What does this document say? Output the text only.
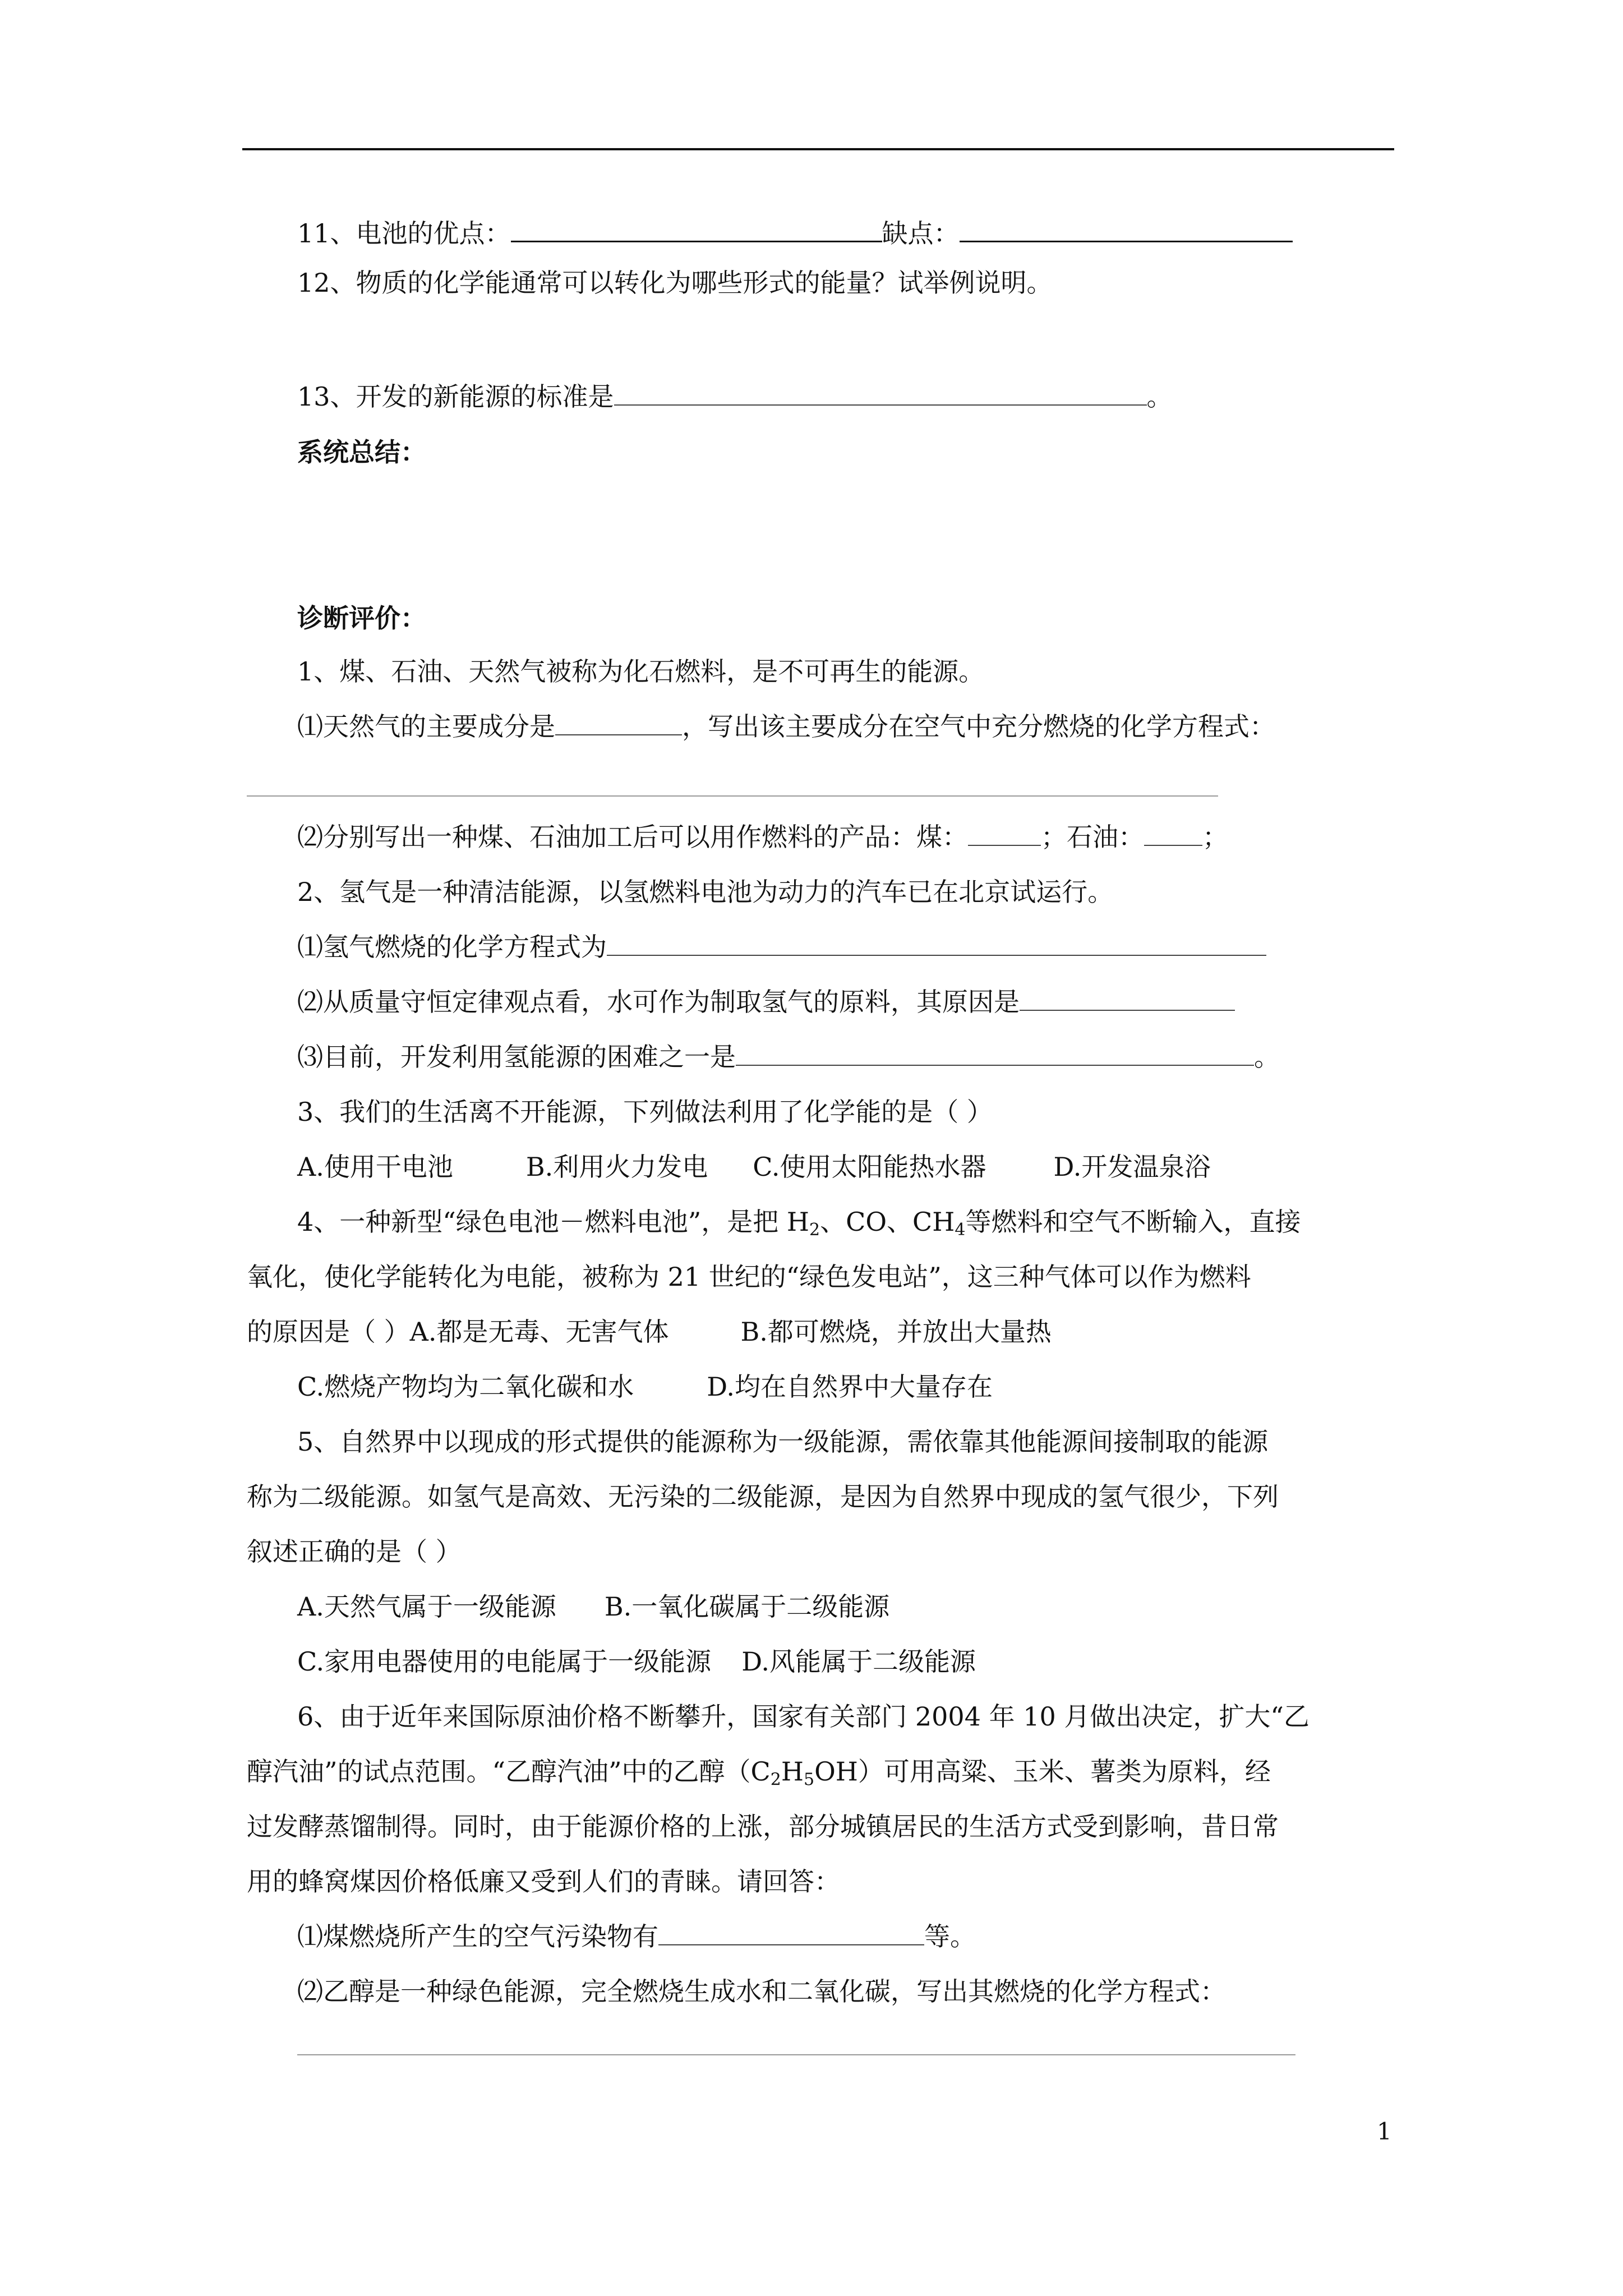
11、电池的优点：	缺点：
12、物质的化学能通常可以转化为哪些形式的能量？试举例说明。
13、开发的新能源的标准是	。
系统总结：
诊断评价：
1、煤、石油、天然气被称为化石燃料，是不可再生的能源。
⑴天然气的主要成分是	，写出该主要成分在空气中充分燃烧的化学方程式：
⑵分别写出一种煤、石油加工后可以用作燃料的产品：煤：	；石油： ；
2、氢气是一种清洁能源，以氢燃料电池为动力的汽车已在北京试运行。
⑴氢气燃烧的化学方程式为
⑵从质量守恒定律观点看，水可作为制取氢气的原料，其原因是
⑶目前，开发利用氢能源的困难之一是	。
3、我们的生活离不开能源，下列做法利用了化学能的是（ ）
A.使用干电池	B.利用火力发电 C.使用太阳能热水器	D.开发温泉浴
4、一种新型“绿色电池－燃料电池”，是把 $H_2$、CO、$CH_4$等燃料和空气不断输入，直接
氧化，使化学能转化为电能，被称为 21 世纪的“绿色发电站”，这三种气体可以作为燃料
的原因是（ ）A.都是无毒、无害气体	B.都可燃烧，并放出大量热
C.燃烧产物均为二氧化碳和水	D.均在自然界中大量存在
5、自然界中以现成的形式提供的能源称为一级能源，需依靠其他能源间接制取的能源
称为二级能源。如氢气是高效、无污染的二级能源，是因为自然界中现成的氢气很少，下列
叙述正确的是（ ）
A.天然气属于一级能源 B.一氧化碳属于二级能源
C.家用电器使用的电能属于一级能源 D.风能属于二级能源
6、由于近年来国际原油价格不断攀升，国家有关部门 2004 年 10 月做出决定，扩大“乙
醇汽油”的试点范围。“乙醇汽油”中的乙醇$(C_2H_5OH)$可用高粱、玉米、薯类为原料，经
过发酵蒸馏制得。同时，由于能源价格的上涨，部分城镇居民的生活方式受到影响，昔日常
用的蜂窝煤因价格低廉又受到人们的青睐。请回答：
⑴煤燃烧所产生的空气污染物有	等。
⑵乙醇是一种绿色能源，完全燃烧生成水和二氧化碳，写出其燃烧的化学方程式：
1
